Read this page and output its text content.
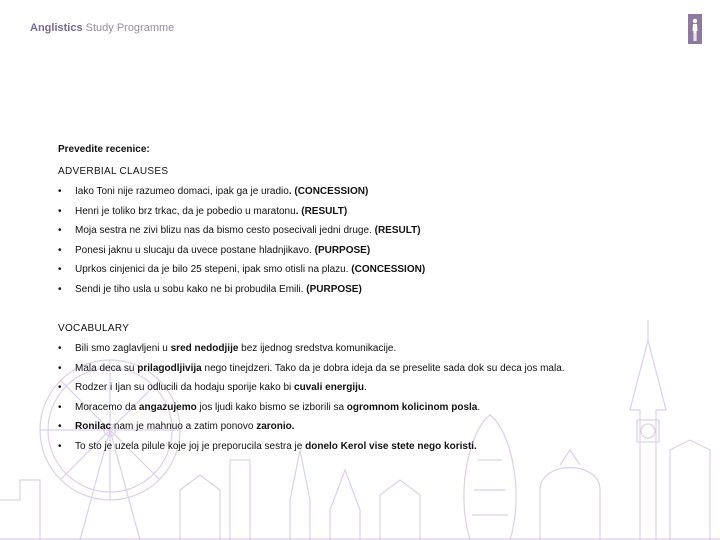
Anglistics Study Programme
Prevedite recenice:
ADVERBIAL CLAUSES
• Iako Toni nije razumeo domaci, ipak ga je uradio. (CONCESSION)
• Henri je toliko brz trkac, da je pobedio u maratonu. (RESULT)
• Moja sestra ne zivi blizu nas da bismo cesto posecivali jedni druge. (RESULT)
• Ponesi jaknu u slucaju da uvece postane hladnjikavo. (PURPOSE)
• Uprkos cinjenici da je bilo 25 stepeni, ipak smo otisli na plazu. (CONCESSION)
• Sendi je tiho usla u sobu kako ne bi probudila Emili. (PURPOSE)
VOCABULARY
• Bili smo zaglavljeni u sred nedodjije bez ijednog sredstva komunikacije.
• Mala deca su prilagodljivija nego tinejdzeri. Tako da je dobra ideja da se preselite sada dok su deca jos mala.
• Rodzer i Ijan su odlucili da hodaju sporije kako bi cuvali energiju.
• Moracemo da angazujemo jos ljudi kako bismo se izborili sa ogromnom kolicinom posla.
• Ronilac nam je mahnuo a zatim ponovo zaronio.
• To sto je uzela pilule koje joj je preporucila sestra je donelo Kerol vise stete nego koristi.
